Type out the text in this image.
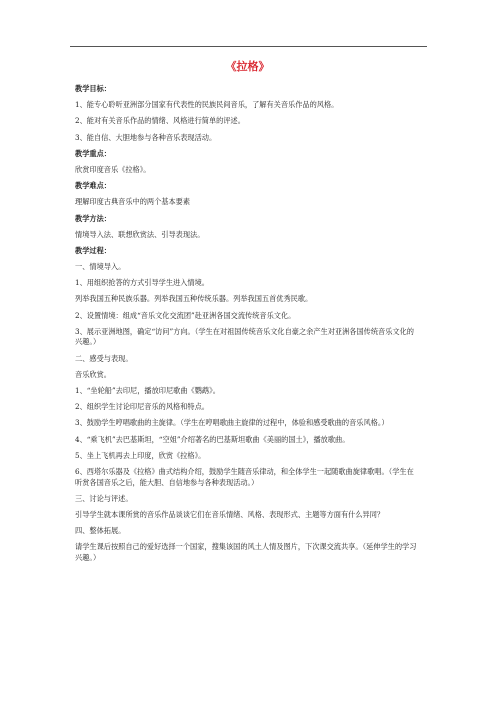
《拉格》
教学目标：
1、能专心聆听亚洲部分国家有代表性的民族民间音乐，了解有关音乐作品的风格。
2、能对有关音乐作品的情绪、风格进行简单的评述。
3、能自信、大胆地参与各种音乐表现活动。
教学重点：
欣赏印度音乐《拉格》。
教学难点：
理解印度古典音乐中的两个基本要素
教学方法：
情境导入法、联想欣赏法、引导表现法。
教学过程：
一、情境导入。
1、用组织抢答的方式引导学生进入情境。
列举我国五种民族乐器。列举我国五种传统乐器。列举我国五首优秀民歌。
2、设置情境：组成“音乐文化交流团”赴亚洲各国交流传统音乐文化。
3、展示亚洲地图，确定“访问”方向。（学生在对祖国传统音乐文化自豪之余产生对亚洲各国传统音乐文化的兴趣。）
二、感受与表现。
音乐欣赏。
1、“坐轮船”去印尼，播放印尼歌曲《鹦鹉》。
2、组织学生讨论印尼音乐的风格和特点。
3、鼓励学生哼唱歌曲的主旋律。（学生在哼唱歌曲主旋律的过程中，体验和感受歌曲的音乐风格。）
4、“乘飞机”去巴基斯坦，“空姐”介绍著名的巴基斯坦歌曲《美丽的国土》，播放歌曲。
5、坐上飞机再去上印度，欣赏《拉格》。
6、西塔尔乐器及《拉格》曲式结构介绍，鼓励学生随音乐律动，和全体学生一起随歌曲旋律歌唱。（学生在听赏各国音乐之后，能大胆、自信地参与各种表现活动。）
三、讨论与评述。
引导学生就本课所赏的音乐作品谈谈它们在音乐情绪、风格、表现形式、主题等方面有什么异同？
四、整体拓展。
请学生课后按照自己的爱好选择一个国家，搜集该国的风土人情及图片，下次课交流共享。（延伸学生的学习兴趣。）
